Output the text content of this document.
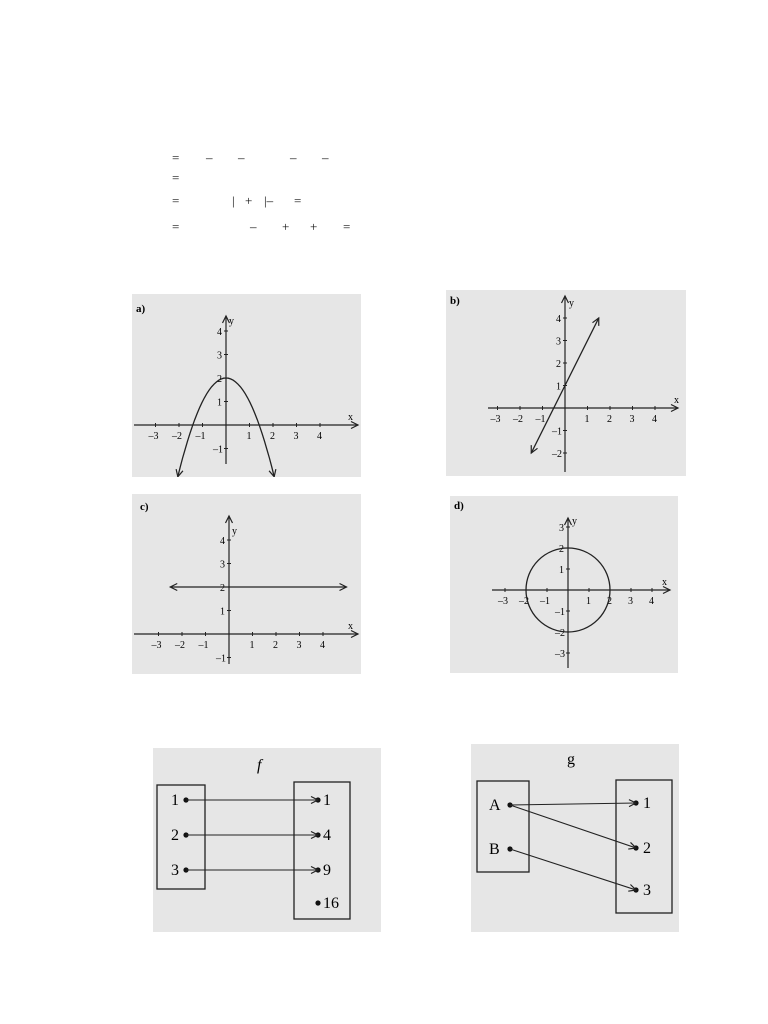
= – –	– –
=
=	| + |– =
=	– + + =
a)
x
y
–3 –2 –1	1 2 3 4
4
3
2
1
–1
b)
x
y
–3 –2 –1	1 2 3 4
4
3
2
1
–1
–2
c)
x
y
–3 –2 –1	1 2 3 4
4
3
2
1
–1
d)
x
y
–3 –2 –1	1 2 3 4
3
2
1
–1
–2
–3
f
1
2
3
1
4
9
16
g
A
B
1
2
3
